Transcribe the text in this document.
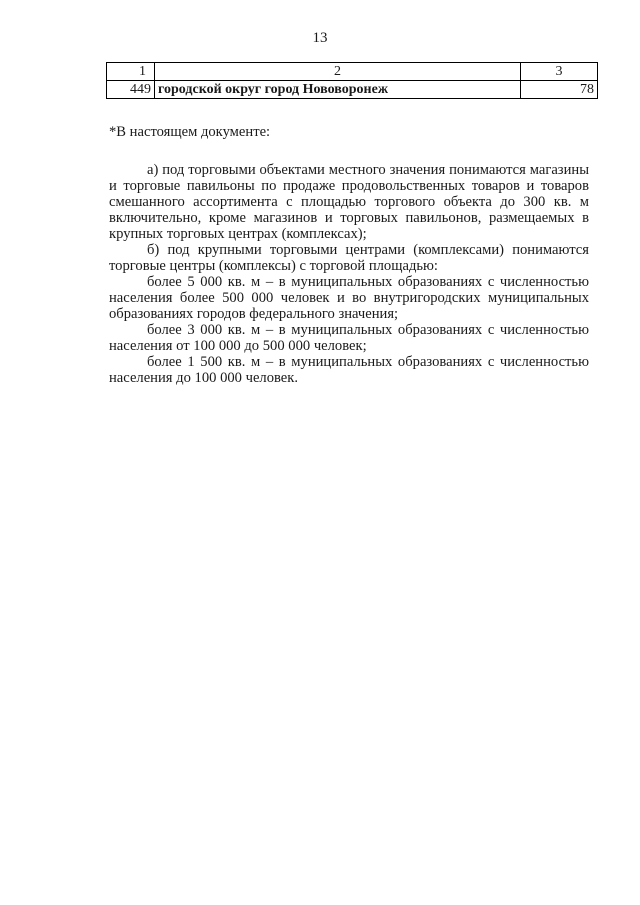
13
1	2	3
449	городской округ город Нововоронеж	78
*В настоящем документе:

а) под торговыми объектами местного значения понимаются магазины и торговые павильоны по продаже продовольственных товаров и товаров смешанного ассортимента с площадью торгового объекта до 300 кв. м включительно, кроме магазинов и торговых павильонов, размещаемых в крупных торговых центрах (комплексах);

б) под крупными торговыми центрами (комплексами) понимаются торговые центры (комплексы) с торговой площадью:

более 5 000 кв. м – в муниципальных образованиях с численностью населения более 500 000 человек и во внутригородских муниципальных образованиях городов федерального значения;

более 3 000 кв. м – в муниципальных образованиях с численностью населения от 100 000 до 500 000 человек;

более 1 500 кв. м – в муниципальных образованиях с численностью населения до 100 000 человек.
